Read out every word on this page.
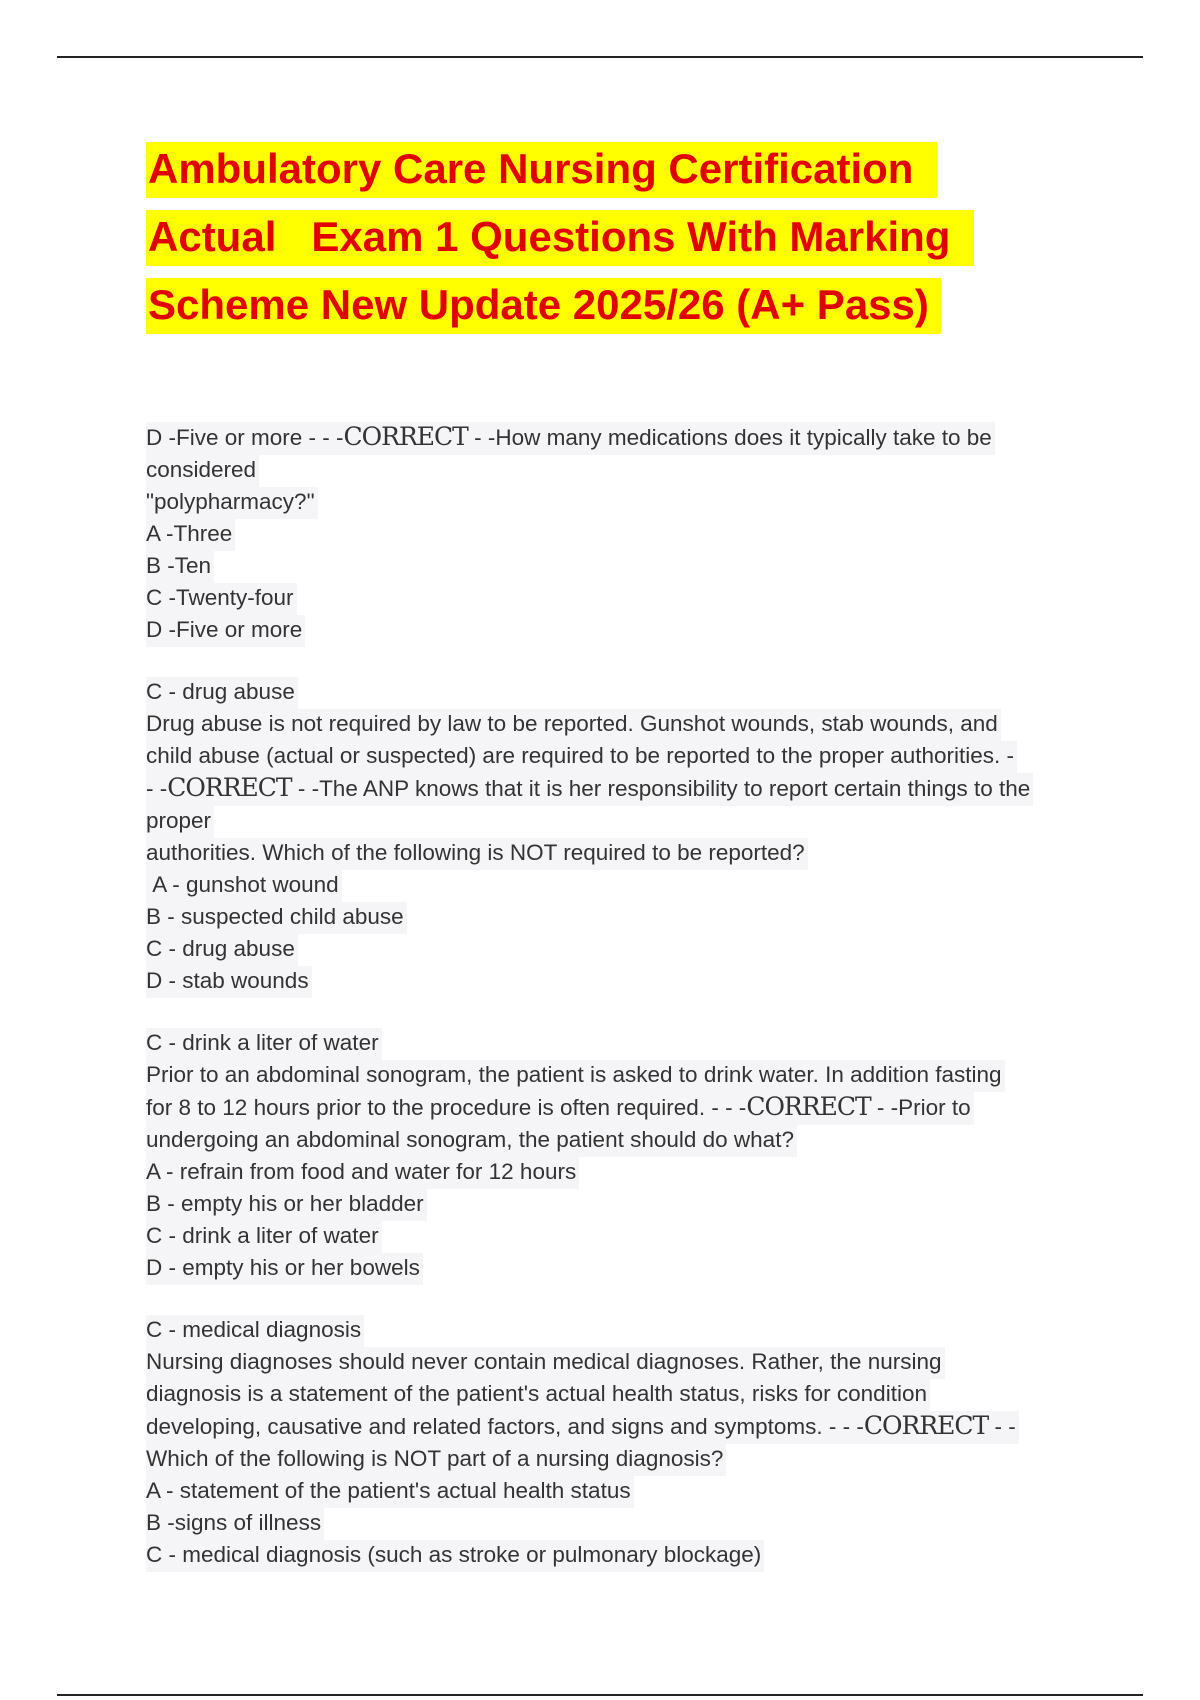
Ambulatory Care Nursing Certification
Actual   Exam 1 Questions With Marking
Scheme New Update 2025/26 (A+ Pass)
D -Five or more - - -CORRECT - -How many medications does it typically take to be
considered
"polypharmacy?"
A -Three
B -Ten
C -Twenty-four
D -Five or more
C - drug abuse
Drug abuse is not required by law to be reported. Gunshot wounds, stab wounds, and
child abuse (actual or suspected) are required to be reported to the proper authorities. -
- -CORRECT - -The ANP knows that it is her responsibility to report certain things to the
proper
authorities. Which of the following is NOT required to be reported?
A - gunshot wound
B - suspected child abuse
C - drug abuse
D - stab wounds
C - drink a liter of water
Prior to an abdominal sonogram, the patient is asked to drink water. In addition fasting
for 8 to 12 hours prior to the procedure is often required. - - -CORRECT - -Prior to
undergoing an abdominal sonogram, the patient should do what?
A - refrain from food and water for 12 hours
B - empty his or her bladder
C - drink a liter of water
D - empty his or her bowels
C - medical diagnosis
Nursing diagnoses should never contain medical diagnoses. Rather, the nursing
diagnosis is a statement of the patient's actual health status, risks for condition
developing, causative and related factors, and signs and symptoms. - - -CORRECT - -
Which of the following is NOT part of a nursing diagnosis?
A - statement of the patient's actual health status
B -signs of illness
C - medical diagnosis (such as stroke or pulmonary blockage)
